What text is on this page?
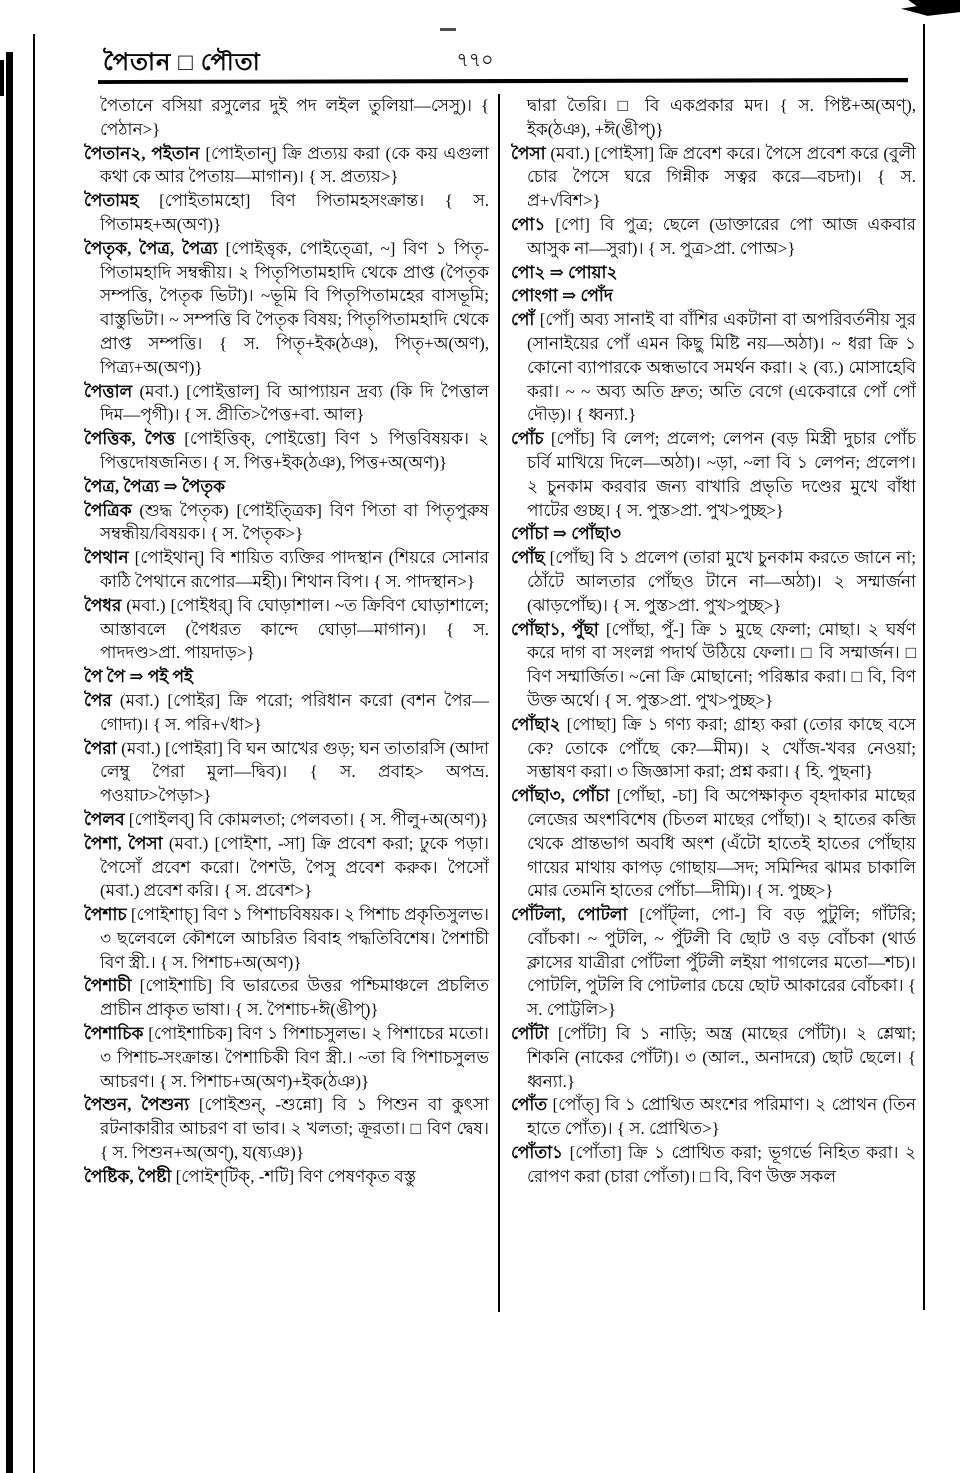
পৈতান □ পৌতা	৭৭০

পৈতানে বসিয়া রসুলের দুই পদ লইল তুলিয়া—সেসু)। { পেঠান>}

পৈতান২, পইতান [পোইতান্] ক্রি প্রত্যয় করা (কে কয় এগুলা কথা কে আর পৈতায়—মাগান)। { স. প্রত্যয়>}

পৈতামহ [পোইতামহো] বিণ পিতামহসংক্রান্ত। { স. পিতামহ+অ(অণ)}

পৈতৃক, পৈত্র, পৈত্র্য [পোইত্তৃক, পোইত্ত্রো, ~] বিণ ১ পিতৃ-পিতামহাদি সম্বন্ধীয়। ২ পিতৃপিতামহাদি থেকে প্রাপ্ত (পৈতৃক সম্পত্তি, পৈতৃক ভিটা)। ~ভূমি বি পিতৃপিতামহের বাসভূমি; বাস্তুভিটা। ~ সম্পত্তি বি পৈতৃক বিষয়; পিতৃপিতামহাদি থেকে প্রাপ্ত সম্পত্তি। { স. পিতৃ+ইক(ঠঞ), পিতৃ+অ(অণ), পিত্র্য+অ(অণ)}

পৈত্তাল (মবা.) [পোইত্তাল] বি আপ্যায়ন দ্রব্য (কি দি পৈত্তাল দিম—পৃগী)। { স. প্রীতি>পৈত্ত+বা. আল}

পৈত্তিক, পৈত্ত [পোইত্তিক্, পোইত্তো] বিণ ১ পিত্তবিষয়ক। ২ পিত্তদোষজনিত। { স. পিত্ত+ইক(ঠঞ), পিত্ত+অ(অণ)}

পৈত্র, পৈত্র্য ⇒ পৈতৃক

পৈত্রিক (শুদ্ধ পৈতৃক) [পোইত্ত্রিক] বিণ পিতা বা পিতৃপুরুষ সম্বন্ধীয়/বিষয়ক। { স. পৈতৃক>}

পৈথান [পোইথান্] বি শায়িত ব্যক্তির পাদস্থান (শিয়রে সোনার কাঠি পৈথানে রূপোর—মহী)। শিথান বিপ। { স. পাদস্থান>}

পৈধর (মবা.) [পোইধর্] বি ঘোড়াশাল। ~ত ক্রিবিণ ঘোড়াশালে; আস্তাবলে (পৈধরত কান্দে ঘোড়া—মাগান)। { স. পাদদণ্ড>প্রা. পায়দাড়>}

পৈ পৈ ⇒ পই পই

পৈর (মবা.) [পোইর] ক্রি পরো; পরিধান করো (বশন পৈর—গোদা)। { স. পরি+√ধা>}

পৈরা (মবা.) [পোইরা] বি ঘন আখের গুড়; ঘন তাতারসি (আদা লেম্বু পৈরা মুলা—দ্বিব)। { স. প্রবাহ> অপভ্র. পওয়াঢ>পৈড়া>}

পৈলব [পোইলব্] বি কোমলতা; পেলবতা। { স. পীলু+অ(অণ)}

পৈশা, পৈসা (মবা.) [পোইশা, -সা] ক্রি প্রবেশ করা; ঢুকে পড়া। পৈসোঁ প্রবেশ করো। পৈশউ, পৈসু প্রবেশ করুক। পৈসোঁ (মবা.) প্রবেশ করি। { স. প্রবেশ>}

পৈশাচ [পোইশাচ্] বিণ ১ পিশাচবিষয়ক। ২ পিশাচ প্রকৃতিসুলভ। ৩ ছলেবলে কৌশলে আচরিত বিবাহ পদ্ধতিবিশেষ। পৈশাচী বিণ স্ত্রী.। { স. পিশাচ+অ(অণ)}

পৈশাচী [পোইশাচি] বি ভারতের উত্তর পশ্চিমাঞ্চলে প্রচলিত প্রাচীন প্রাকৃত ভাষা। { স. পৈশাচ+ঈ(ঙীপ্)}

পৈশাচিক [পোইশাচিক] বিণ ১ পিশাচসুলভ। ২ পিশাচের মতো। ৩ পিশাচ-সংক্রান্ত। পৈশাচিকী বিণ স্ত্রী.। ~তা বি পিশাচসুলভ আচরণ। { স. পিশাচ+অ(অণ)+ইক(ঠঞ)}

পৈশুন, পৈশুন্য [পোইশুন্, -শুন্নো] বি ১ পিশুন বা কুৎসা রটনাকারীর আচরণ বা ভাব। ২ খলতা; ক্রূরতা। □ বিণ দ্বেষ। { স. পিশুন+অ(অণ্), য(ষ্যঞ)}

পৈষ্টিক, পৈষ্টী [পোইশ্‌টিক্, -শটি] বিণ পেষণকৃত বস্তু

দ্বারা তৈরি। □ বি একপ্রকার মদ। { স. পিষ্ট+অ(অণ্), ইক(ঠঞ), +ঈ(ঙীপ্)}

পৈসা (মবা.) [পোইসা] ক্রি প্রবেশ করে। পৈসে প্রবেশ করে (বুলী চোর পৈসে ঘরে গিন্নীক সত্বর করে—বচদা)। { স. প্র+√বিশ>}

পো১ [পো] বি পুত্র; ছেলে (ডাক্তারের পো আজ একবার আসুক না—সুরা)। { স. পুত্র>প্রা. পোঅ>}

পো২ ⇒ পোয়া২

পোংগা ⇒ পোঁদ

পোঁ [পোঁ] অব্য সানাই বা বাঁশির একটানা বা অপরিবর্তনীয় সুর (সানাইয়ের পোঁ এমন কিছু মিষ্টি নয়—অঠা)। ~ ধরা ক্রি ১ কোনো ব্যাপারকে অন্ধভাবে সমর্থন করা। ২ (ব্য.) মোসাহেবি করা। ~ ~ অব্য অতি দ্রুত; অতি বেগে (একেবারে পোঁ পোঁ দৌড়)। { ধ্বন্যা.}

পোঁচ [পোঁচ] বি লেপ; প্রলেপ; লেপন (বড় মিস্ত্রী দুচার পোঁচ চর্বি মাখিয়ে দিলে—অঠা)। ~ড়া, ~লা বি ১ লেপন; প্রলেপ। ২ চুনকাম করবার জন্য বাখারি প্রভৃতি দণ্ডের মুখে বাঁধা পাটের গুচ্ছ। { স. পুস্ত>প্রা. পুখ>পুচ্ছ>}

পোঁচা ⇒ পোঁছা৩

পোঁছ [পোঁছ] বি ১ প্রলেপ (তারা মুখে চুনকাম করতে জানে না; ঠোঁটে আলতার পোঁছও টানে না—অঠা)। ২ সম্মার্জনা (ঝাড়পোঁছ)। { স. পুস্ত>প্রা. পুখ>পুচ্ছ>}

পোঁছা১, পুঁছা [পোঁছা, পুঁ-] ক্রি ১ মুছে ফেলা; মোছা। ২ ঘর্ষণ করে দাগ বা সংলগ্ন পদার্থ উঠিয়ে ফেলা। □ বি সম্মার্জন। □ বিণ সম্মার্জিত। ~নো ক্রি মোছানো; পরিষ্কার করা। □ বি, বিণ উক্ত অর্থে। { স. পুস্ত>প্রা. পুখ>পুচ্ছ>}

পোঁছা২ [পোছা] ক্রি ১ গণ্য করা; গ্রাহ্য করা (তোর কাছে বসে কে? তোকে পোঁছে কে?—মীম)। ২ খোঁজ-খবর নেওয়া; সম্ভাষণ করা। ৩ জিজ্ঞাসা করা; প্রশ্ন করা। { হি. পুছনা}

পোঁছা৩, পোঁচা [পোঁছা, -চা] বি অপেক্ষাকৃত বৃহদাকার মাছের লেজের অংশবিশেষ (চিতল মাছের পোঁছা)। ২ হাতের কব্জি থেকে প্রান্তভাগ অবধি অংশ (এঁটো হাতেই হাতের পোঁছায় গায়ের মাথায় কাপড় গোছায়—সদ; সমিন্দির ঝামর চাকালি মোর তেমনি হাতের পোঁচা—দীমি)। { স. পুচ্ছ>}

পোঁটলা, পোটলা [পোঁট্‌লা, পো-] বি বড় পুটুলি; গাঁটরি; বোঁচকা। ~ পুটলি, ~ পুঁটলী বি ছোট ও বড় বোঁচকা (থার্ড ক্লাসের যাত্রীরা পোঁটলা পুঁটলী লইয়া পাগলের মতো—শচ)। পোটলি, পুটলি বি পোটলার চেয়ে ছোট আকারের বোঁচকা। { স. পোট্টলি>}

পোঁটা [পোঁটা] বি ১ নাড়ি; অন্ত্র (মাছের পোঁটা)। ২ শ্লেষ্মা; শিকনি (নাকের পোঁটা)। ৩ (আল., অনাদরে) ছোট ছেলে। { ধ্বন্যা.}

পোঁত [পোঁত্] বি ১ প্রোথিত অংশের পরিমাণ। ২ প্রোথন (তিন হাতে পোঁত)। { স. প্রোথিত>}

পোঁতা১ [পোঁতা] ক্রি ১ প্রোথিত করা; ভূগর্ভে নিহিত করা। ২ রোপণ করা (চারা পোঁতা)। □ বি, বিণ উক্ত সকল
